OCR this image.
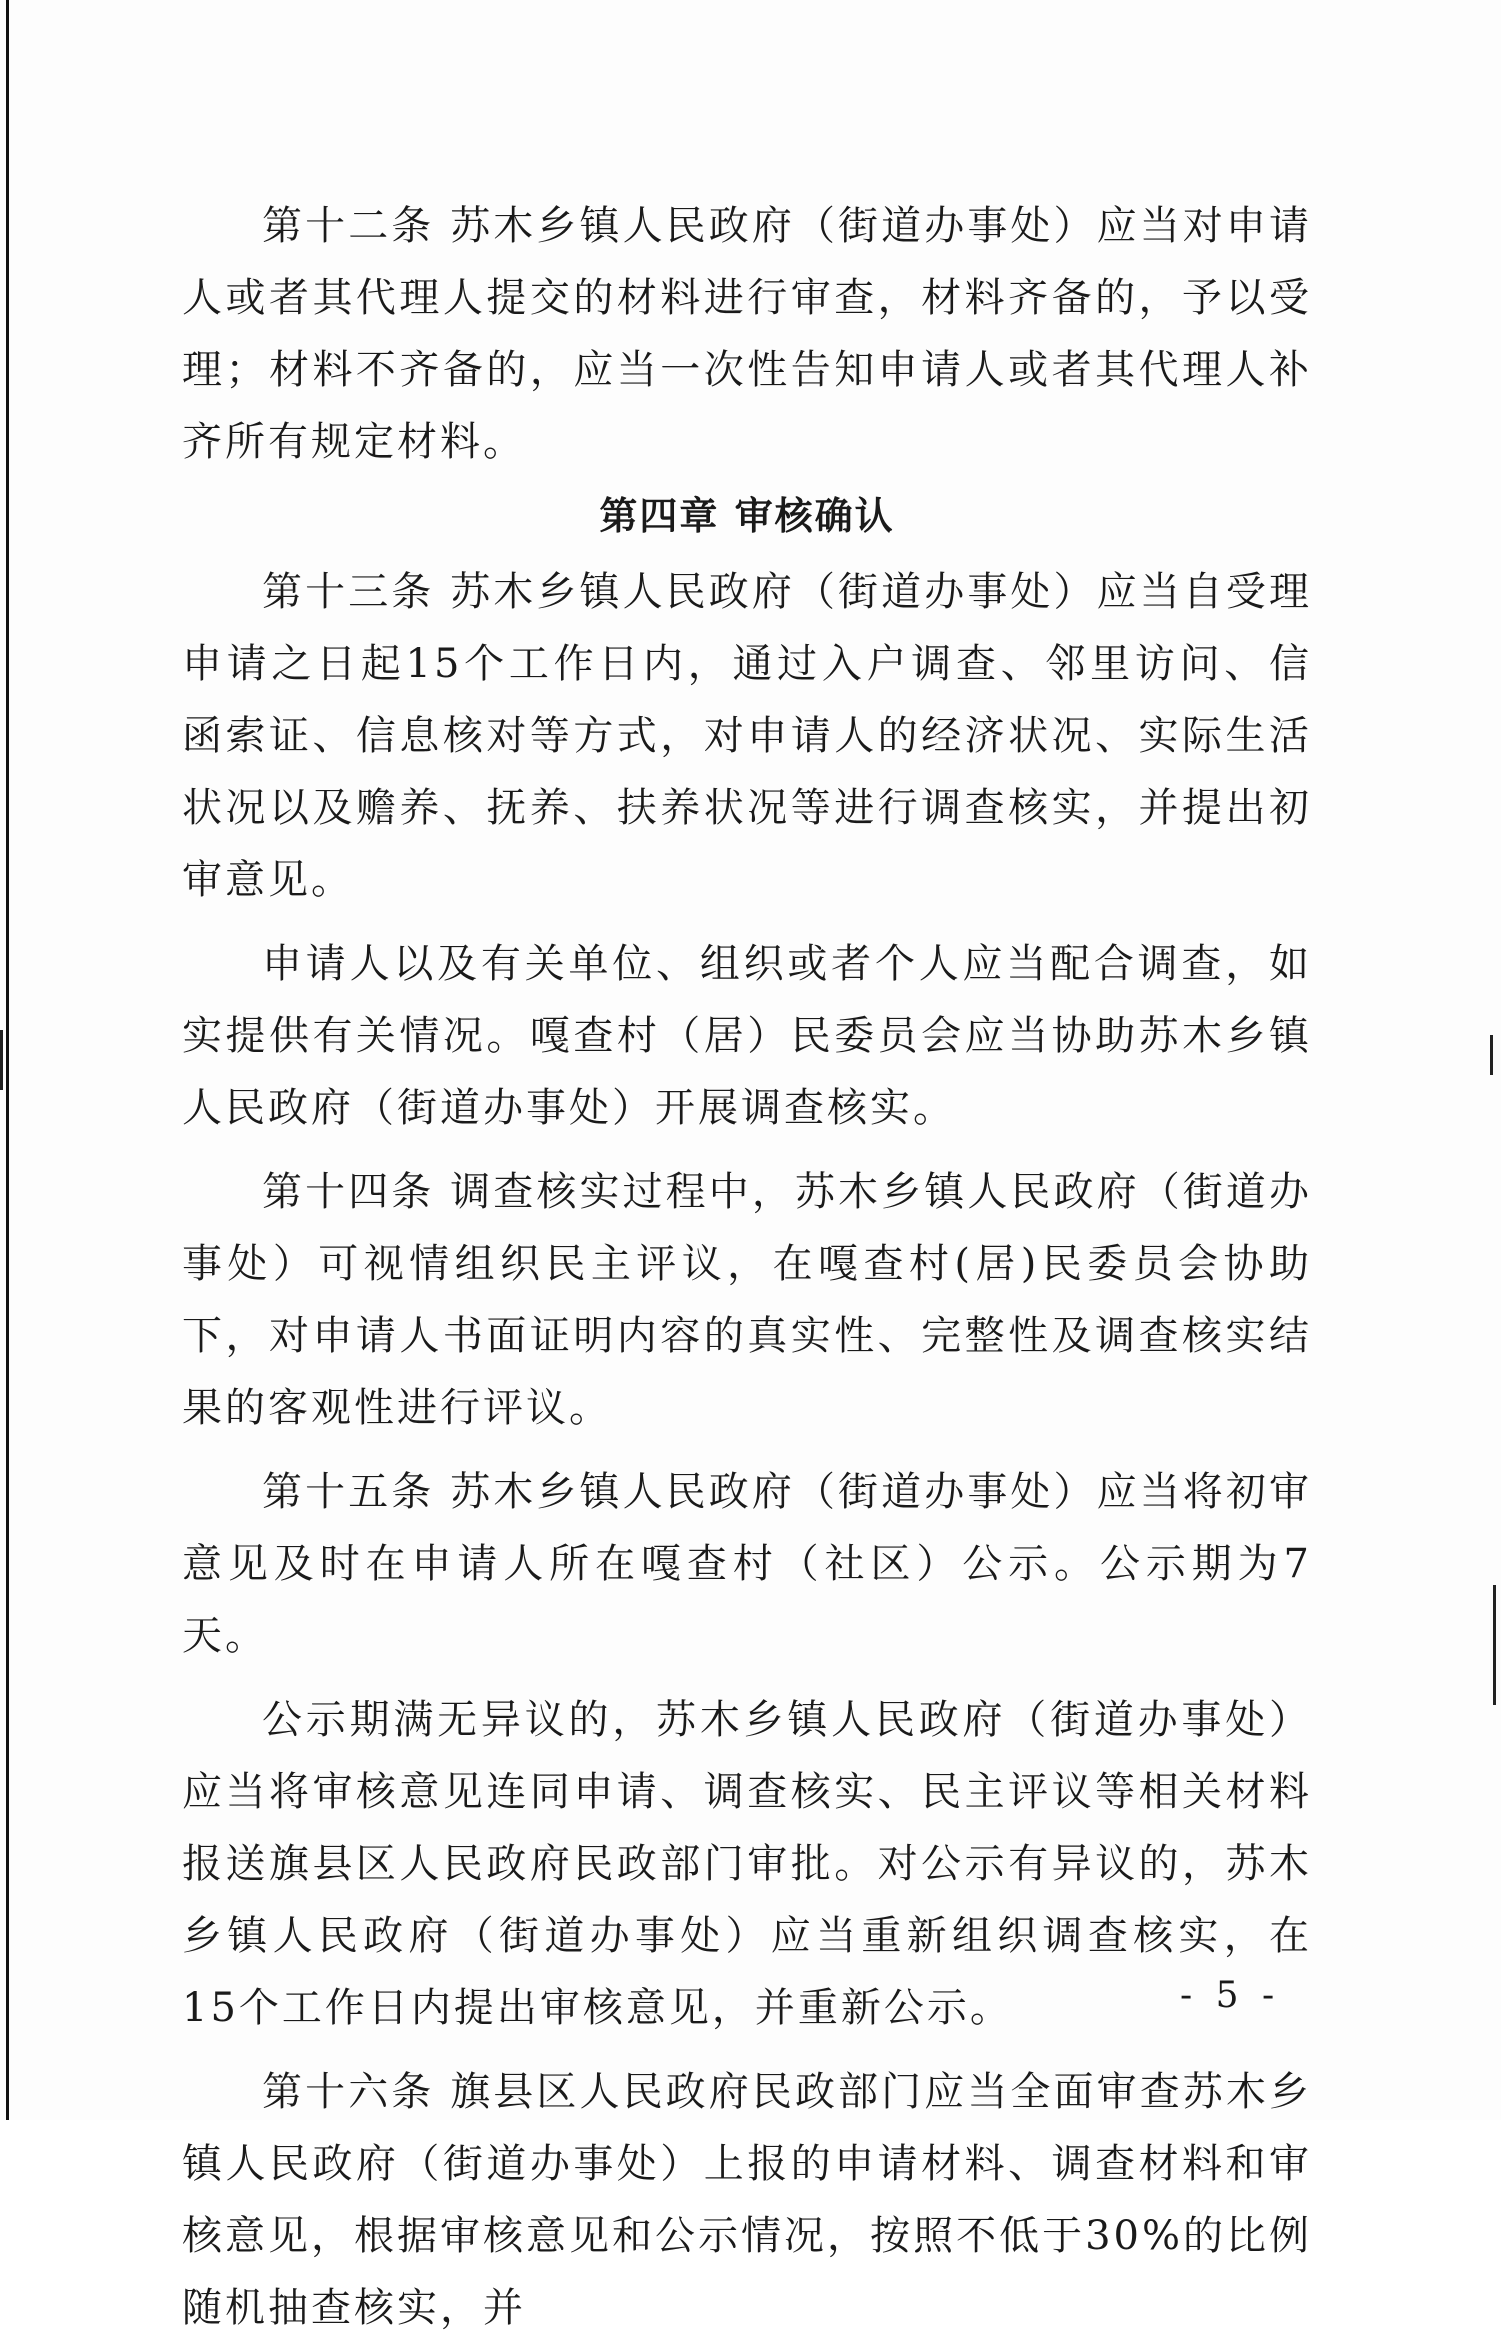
第十二条 苏木乡镇人民政府（街道办事处）应当对申请人或者其代理人提交的材料进行审查，材料齐备的，予以受理；材料不齐备的，应当一次性告知申请人或者其代理人补齐所有规定材料。

第四章 审核确认

第十三条 苏木乡镇人民政府（街道办事处）应当自受理申请之日起15个工作日内，通过入户调查、邻里访问、信函索证、信息核对等方式，对申请人的经济状况、实际生活状况以及赡养、抚养、扶养状况等进行调查核实，并提出初审意见。

申请人以及有关单位、组织或者个人应当配合调查，如实提供有关情况。嘎查村（居）民委员会应当协助苏木乡镇人民政府（街道办事处）开展调查核实。

第十四条 调查核实过程中，苏木乡镇人民政府（街道办事处）可视情组织民主评议，在嘎查村(居)民委员会协助下，对申请人书面证明内容的真实性、完整性及调查核实结果的客观性进行评议。

第十五条 苏木乡镇人民政府（街道办事处）应当将初审意见及时在申请人所在嘎查村（社区）公示。公示期为7天。

公示期满无异议的，苏木乡镇人民政府（街道办事处）应当将审核意见连同申请、调查核实、民主评议等相关材料报送旗县区人民政府民政部门审批。对公示有异议的，苏木乡镇人民政府（街道办事处）应当重新组织调查核实，在15个工作日内提出审核意见，并重新公示。

第十六条 旗县区人民政府民政部门应当全面审查苏木乡镇人民政府（街道办事处）上报的申请材料、调查材料和审核意见，根据审核意见和公示情况，按照不低于30%的比例随机抽查核实，并

- 5 -
